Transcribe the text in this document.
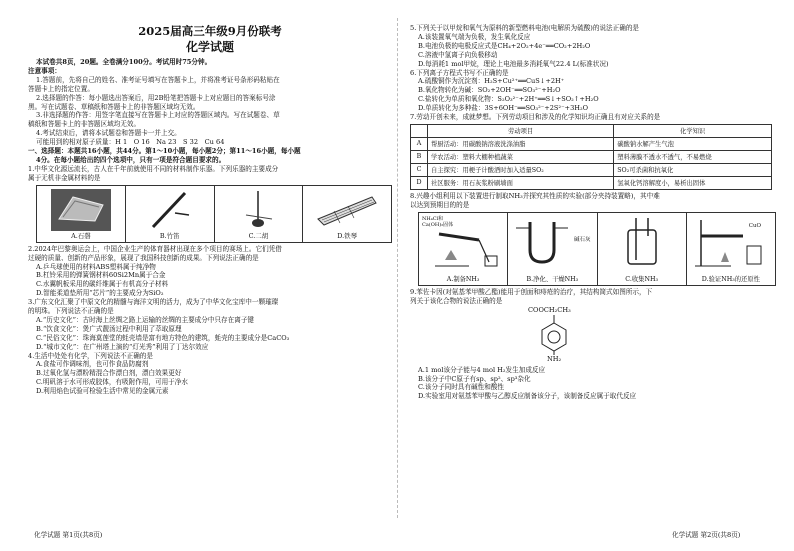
2025届高三年级9月份联考

化学试题

本试卷共8页，20题。全卷满分100分。考试用时75分钟。

注意事项：

1.答题前，先将自己的姓名、准考证号填写在答题卡上，并将准考证号条形码粘贴在

答题卡上的指定位置。

2.选择题的作答：每小题选出答案后，用2B铅笔把答题卡上对应题目的答案标号涂

黑。写在试题卷、草稿纸和答题卡上的非答题区域均无效。

3.非选择题的作答：用签字笔直接写在答题卡上对应的答题区域内。写在试题卷、草

稿纸和答题卡上的非答题区域均无效。

4.考试结束后，请将本试题卷和答题卡一并上交。

可能用到的相对原子质量：H 1　O 16　Na 23　S 32　Cu 64

一、选择题：本题共16小题，共44分。第1～10小题，每小题2分；第11～16小题，每小题

4分。在每小题给出的四个选项中，只有一项是符合题目要求的。

1.中华文化源远流长，古人在千年前就使用不同的材料制作乐器。下列乐器的主要成分

属于无机非金属材料的是

A.石磬	B.竹笛	C.二胡	D.铁琴

2.2024年巴黎奥运会上，中国企业生产的体育器材出现在多个项目的赛场上。它们凭借

过硬的质量、创新的产品形象，展现了我国科技创新的成果。下列说法正确的是

A.乒乓球使用的材料ABS塑料属于纯净物

B.杠铃采用的弹簧钢材料60Si2Mn属于合金

C.水翼帆板采用的碳纤维属于有机高分子材料

D.智能柔道垫所用“芯片”的主要成分为SiO₂

3.广东文化汇聚了中原文化的精髓与海洋文明的活力，成为了中华文化宝库中一颗璀璨

的明珠。下列说法不正确的是

A.“历史文化”：古时海上丝绸之路上运输的丝绸的主要成分中只存在离子键

B.“饮食文化”：煲广式靓汤过程中利用了萃取原理

C.“民俗文化”：珠海莫莲堂的蚝壳墙是富有地方特色的建筑，蚝壳的主要成分是CaCO₃

D.“城市文化”：在广州塔上演的“灯光秀”利用了丁达尔效应

4.生活中处处有化学，下列说法不正确的是

A.食盐可作调味剂，也可作食品防腐剂

B.过氧化氢与漂粉精混合作漂白剂，漂白效果更好

C.明矾溶于水可形成胶体，有吸附作用，可用于净水

D.利用焰色试验可检验生活中常见的金属元素

5.下列关于以甲烷和氧气为原料的新型燃料电池(电解质为硫酸)的说法正确的是

A.该装置氧气端为负极，发生氧化反应

B.电池负极的电极反应式是CH₄+2O₂+4e⁻══CO₂+2H₂O

C.溶液中氢离子向负极移动

D.每消耗1 mol甲烷，理论上电池最多消耗氧气22.4 L(标准状况)

6.下列离子方程式书写不正确的是

A.硫酸铜作为沉淀剂：H₂S+Cu²⁺══CuS↓+2H⁺

B.氧化物转化为碱：SO₂+2OH⁻══SO₃²⁻+H₂O

C.盐转化为单质和氧化物：S₂O₃²⁻+2H⁺══S↓+SO₂↑+H₂O

D.单质转化为多种盐：3S+6OH⁻══SO₃²⁻+2S²⁻+3H₂O

7.劳动开创未来，成就梦想。下列劳动项目和涉及的化学知识均正确且有对应关系的是

	劳动项目	化学知识
A	帮厨活动：用碳酸钠溶液洗涤油脂	碳酸钠水解产生气泡
B	学农活动：塑料大棚种植蔬菜	塑料薄膜不透水不透气，不易燃烧
C	自主探究：用梗子计酸酒时加入适量SO₂	SO₂可杀菌和抗氧化
D	社区服务：用石灰浆粉刷墙面	氢氧化钙溶解度小，易析出固体

8.兴趣小组利用以下装置进行制取NH₃并探究其性质的实验(部分夹持装置略)，其中难

以达到预期目的的是

NH₄Cl和Ca(OH)₂固体
A.制备NH₃
碱石灰
B.净化、干燥NH₃	C.收集NH₃
CuO
D.验证NH₃的还原性

9.苯佐卡因(对氨基苯甲酸乙酯)能用于创面和痔疮的治疗，其结构简式如图所示，下

列关于该化合物的说法正确的是

COOCH₂CH₃
NH₂

A.1 mol该分子能与4 mol H₂发生加成反应

B.该分子中C原子有sp、sp²、sp³杂化

C.该分子同时具有碱性和酸性

D.实验室用对氨基苯甲酸与乙醇反应制备该分子，该制备反应属于取代反应

化学试题 第1页(共8页)	化学试题 第2页(共8页)
